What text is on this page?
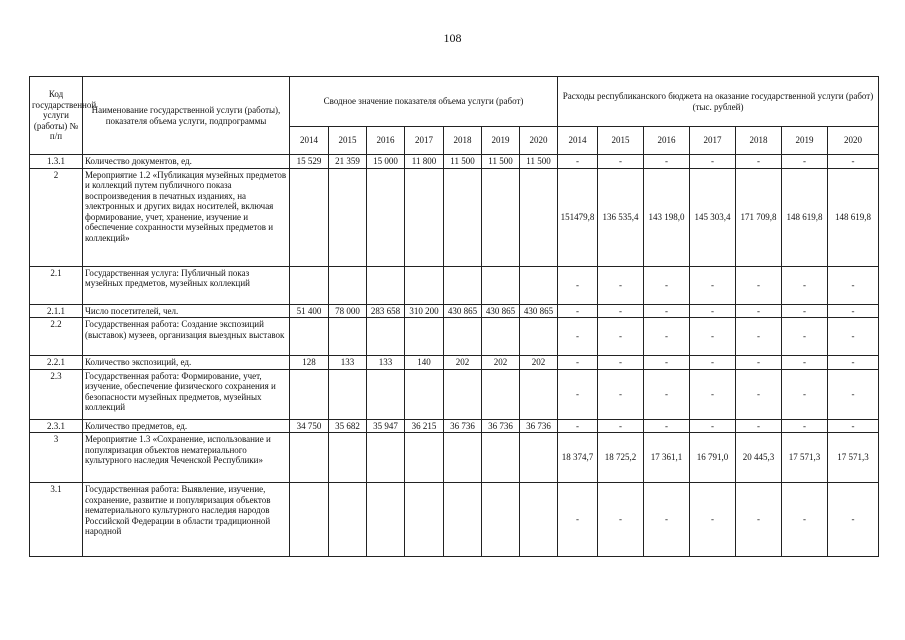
108
Код государственной услуги (работы) № п/п	Наименование государственной услуги (работы), показателя объема услуги, подпрограммы	Сводное значение показателя объема услуги (работ)							Расходы республиканского бюджета на оказание государственной услуги (работ) (тыс. рублей)						
		2014	2015	2016	2017	2018	2019	2020	2014	2015	2016	2017	2018	2019	2020
1.3.1	Количество документов, ед.	15 529	21 359	15 000	11 800	11 500	11 500	11 500	-	-	-	-	-	-	-
2	Мероприятие 1.2 «Публикация музейных предметов и коллекций путем публичного показа воспроизведения в печатных изданиях, на электронных и других видах носителей, включая формирование, учет, хранение, изучение и обеспечение сохранности музейных предметов и коллекций»								151479,8	136 535,4	143 198,0	145 303,4	171 709,8	148 619,8	148 619,8
2.1	Государственная услуга: Публичный показ музейных предметов, музейных коллекций								-	-	-	-	-	-	-
2.1.1	Число посетителей, чел.	51 400	78 000	283 658	310 200	430 865	430 865	430 865	-	-	-	-	-	-	-
2.2	Государственная работа: Создание экспозиций (выставок) музеев, организация выездных выставок								-	-	-	-	-	-	-
2.2.1	Количество экспозиций, ед.	128	133	133	140	202	202	202	-	-	-	-	-	-	-
2.3	Государственная работа: Формирование, учет, изучение, обеспечение физического сохранения и безопасности музейных предметов, музейных коллекций								-	-	-	-	-	-	-
2.3.1	Количество предметов, ед.	34 750	35 682	35 947	36 215	36 736	36 736	36 736	-	-	-	-	-	-	-
3	Мероприятие 1.3 «Сохранение, использование и популяризация объектов нематериального культурного наследия Чеченской Республики»								18 374,7	18 725,2	17 361,1	16 791,0	20 445,3	17 571,3	17 571,3
3.1	Государственная работа: Выявление, изучение, сохранение, развитие и популяризация объектов нематериального культурного наследия народов Российской Федерации в области традиционной народной								-	-	-	-	-	-	-
